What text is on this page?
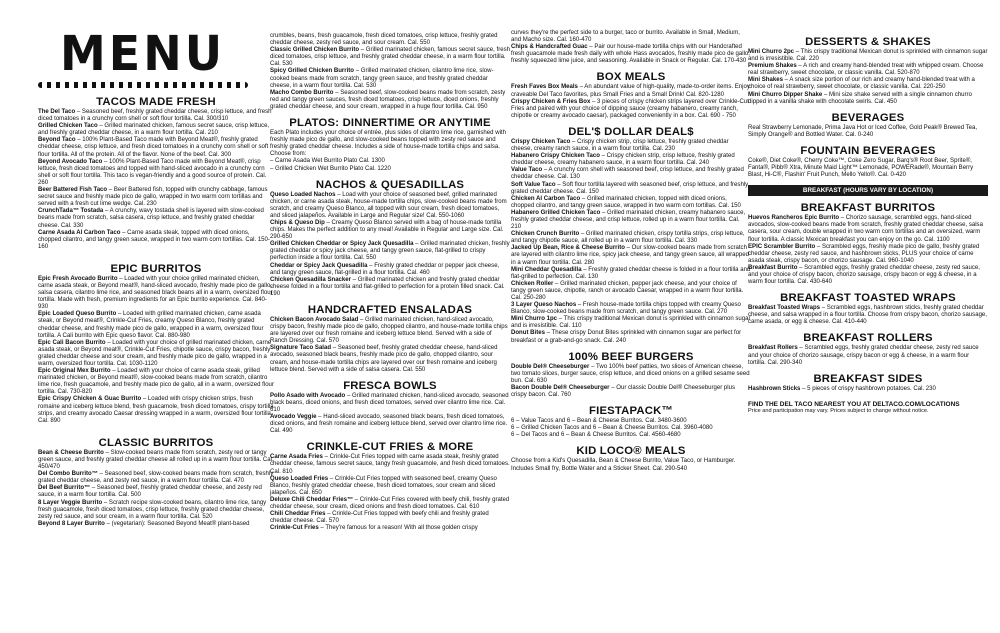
MENU
TACOS MADE FRESH

The Del Taco – Seasoned beef, freshly grated cheddar cheese, crisp lettuce, and fresh diced tomatoes in a crunchy corn shell or soft flour tortilla. Cal. 300/310

Grilled Chicken Taco – Grilled marinated chicken, famous secret sauce, crisp lettuce, and freshly grated cheddar cheese, in a warm flour tortilla. Cal. 210

Beyond Taco – 100% Plant-Based Taco made with Beyond Meat®, freshly grated cheddar cheese, crisp lettuce, and fresh diced tomatoes in a crunchy corn shell or soft flour tortilla. All of the protein. All of the flavor. None of the beef. Cal. 300

Beyond Avocado Taco – 100% Plant-Based Taco made with Beyond Meat®, crisp lettuce, fresh diced tomatoes and topped with hand-sliced avocado in a crunchy corn shell or soft flour tortilla. This taco is vegan-friendly and a good source of protein. Cal. 260

Beer Battered Fish Taco – Beer Battered fish, topped with crunchy cabbage, famous secret sauce and freshly made pico de gallo, wrapped in two warm corn tortillas and served with a fresh cut lime wedge. Cal. 230

CrunchTada™ Tostada – A crunchy, wavy tostada shell is layered with slow-cooked beans made from scratch, salsa casera, crisp lettuce, and freshly grated cheddar cheese. Cal. 330

Carne Asada Al Carbon Taco – Carne asada steak, topped with diced onions, chopped cilantro, and tangy green sauce, wrapped in two warm corn tortillas. Cal. 150-160

EPIC BURRITOS

Epic Fresh Avocado Burrito – Loaded with your choice grilled marinated chicken, carne asada steak, or Beyond meat®, hand-sliced avocado, freshly made pico de gallo, salsa casera, cilantro lime rice, and seasoned black beans all in a warm, oversized flour tortilla. Made with fresh, premium ingredients for an Epic burrito experience. Cal. 840-930

Epic Loaded Queso Burrito – Loaded with grilled marinated chicken, carne asada steak, or Beyond meat®, Crinkle-Cut Fries, creamy Queso Blanco, freshly grated cheddar cheese, and freshly made pico de gallo, wrapped in a warm, oversized flour tortilla. A Cali burrito with Epic queso flavor. Cal. 880-980

Epic Cali Bacon Burrito – Loaded with your choice of grilled marinated chicken, carne asada steak, or Beyond meat®, Crinkle-Cut Fries, chipotle sauce, crispy bacon, freshly grated cheddar cheese and sour cream, and freshly made pico de gallo, wrapped in a warm, oversized flour tortilla. Cal. 1030-1120

Epic Original Mex Burrito – Loaded with your choice of carne asada steak, grilled marinated chicken, or Beyond meat®, slow-cooked beans made from scratch, cilantro lime rice, fresh guacamole, and freshly made pico de gallo, all in a warm, oversized flour tortilla. Cal. 730-820

Epic Crispy Chicken & Guac Burrito – Loaded with crispy chicken strips, fresh romaine and iceberg lettuce blend, fresh guacamole, fresh diced tomatoes, crispy tortilla strips, and creamy avocado Caesar dressing wrapped in a warm, oversized flour tortilla. Cal. 890

CLASSIC BURRITOS

Bean & Cheese Burrito – Slow-cooked beans made from scratch, zesty red or tangy green sauce, and freshly grated cheddar cheese all rolled up in a warm flour tortilla. Cal. 450/470

Del Combo Burrito™ – Seasoned beef, slow-cooked beans made from scratch, freshly grated cheddar cheese, and zesty red sauce, in a warm flour tortilla. Cal. 470

Del Beef Burrito™ – Seasoned beef, freshly grated cheddar cheese, and zesty red sauce, in a warm flour tortilla. Cal. 500

8 Layer Veggie Burrito – Scratch recipe slow-cooked beans, cilantro lime rice, tangy fresh guacamole, fresh diced tomatoes, crisp lettuce, freshly grated cheddar cheese, zesty red sauce, and sour cream, in a warm flour tortilla. Cal. 520

Beyond 8 Layer Burrito – (vegetarian): Seasoned Beyond Meat® plant-based

crumbles, beans, fresh guacamole, fresh diced tomatoes, crisp lettuce, freshly grated cheddar cheese, zesty red sauce, and sour cream. Cal. 550

Classic Grilled Chicken Burrito – Grilled marinated chicken, famous secret sauce, fresh diced tomatoes, crisp lettuce, and freshly grated cheddar cheese, in a warm flour tortilla. Cal. 530

Spicy Grilled Chicken Burrito – Grilled marinated chicken, cilantro lime rice, slow-cooked beans made from scratch, tangy green sauce, and freshly grated cheddar cheese, in a warm flour tortilla. Cal. 530

Macho Combo Burrito – Seasoned beef, slow-cooked beans made from scratch, zesty red and tangy green sauces, fresh diced tomatoes, crisp lettuce, diced onions, freshly grated cheddar cheese, and sour cream, wrapped in a huge flour tortilla. Cal. 950

PLATOS: DINNERTIME OR ANYTIME

Each Plato includes your choice of entrée, plus sides of cilantro lime rice, garnished with freshly made pico de gallo, and slow-cooked beans topped with zesty red sauce and freshly grated cheddar cheese. Includes a side of house-made tortilla chips and salsa. Choose from:

– Carne Asada Wet Burrito Plato Cal. 1300

– Grilled Chicken Wet Burrito Plato Cal. 1220

NACHOS & QUESADILLAS

Queso Loaded Nachos – Load with your choice of seasoned beef, grilled marinated chicken, or carne asada steak, house-made tortilla chips, slow-cooked beans made from scratch, and creamy Queso Blanco, all topped with sour cream, fresh diced tomatoes, and sliced jalapeños. Available in Large and Regular size! Cal. 550-1060

Chips & Queso Dip – Creamy Queso Blanco served with a bag of house-made tortilla chips. Makes the perfect addition to any meal! Available in Regular and Large size. Cal. 290-650

Grilled Chicken Cheddar or Spicy Jack Quesadilla – Grilled marinated chicken, freshly grated cheddar or spicy jack cheese, and tangy green sauce, flat-grilled to crispy perfection inside a flour tortilla. Cal. 550

Cheddar or Spicy Jack Quesadilla – Freshly grated cheddar or pepper jack cheese, and tangy green sauce, flat-grilled in a flour tortilla. Cal. 460

Chicken Quesadilla Snacker – Grilled marinated chicken and freshly grated cheddar cheese folded in a flour tortilla and flat-grilled to perfection for a protein filled snack. Cal. 190

HANDCRAFTED ENSALADAS

Chicken Bacon Avocado Salad – Grilled marinated chicken, hand-sliced avocado, crispy bacon, freshly made pico de gallo, chopped cilantro, and house-made tortilla chips are layered over our fresh romaine and iceberg lettuce blend. Served with a side of Ranch Dressing. Cal. 570

Signature Taco Salad – Seasoned beef, freshly grated cheddar cheese, hand-sliced avocado, seasoned black beans, freshly made pico de gallo, chopped cilantro, sour cream, and house-made tortilla chips are layered over our fresh romaine and iceberg lettuce blend. Served with a side of salsa casera. Cal. 550

FRESCA BOWLS

Pollo Asado with Avocado – Grilled marinated chicken, hand-sliced avocado, seasoned black beans, diced onions, and fresh diced tomatoes, served over cilantro lime rice. Cal. 610

Avocado Veggie – Hand-sliced avocado, seasoned black beans, fresh diced tomatoes, diced onions, and fresh romaine and iceberg lettuce blend, served over cilantro lime rice. Cal. 490

CRINKLE-CUT FRIES & MORE

Carne Asada Fries – Crinkle-Cut Fries topped with carne asada steak, freshly grated cheddar cheese, famous secret sauce, tangy fresh guacamole, and fresh diced tomatoes. Cal. 810

Queso Loaded Fries – Crinkle-Cut Fries topped with seasoned beef, creamy Queso Blanco, freshly grated cheddar cheese, fresh diced tomatoes, sour cream and sliced jalapeños. Cal. 650

Deluxe Chili Cheddar Fries™ – Crinkle-Cut Fries covered with beefy chili, freshly grated cheddar cheese, sour cream, diced onions and fresh diced tomatoes. Cal. 610

Chili Cheddar Fries – Crinkle-Cut Fries topped with beefy chili and freshly grated cheddar cheese. Cal. 570

Crinkle-Cut Fries – They're famous for a reason! With all those golden crispy

curves they're the perfect side to a burger, taco or burrito. Available in Small, Medium, and Macho size. Cal. 160-470

Chips & Handcrafted Guac – Pair our house-made tortilla chips with our Handcrafted fresh guacamole made fresh daily with whole Hass avocados, freshly made pico de gallo, freshly squeezed lime juice, and seasoning. Available in Snack or Regular. Cal. 170-430

BOX MEALS

Fresh Faves Box Meals – An abundant value of high-quality, made-to-order items. Enjoy craveable Del Taco favorites, plus Small Fries and a Small Drink! Cal. 820-1280

Crispy Chicken & Fries Box – 3 pieces of crispy chicken strips layered over Crinkle-Cut Fries and paired with your choice of dipping sauce (creamy habanero, creamy ranch, chipotle or creamy avocado caesar), packaged conveniently in a box. Cal. 690 - 750

DEL'$ DOLLAR DEAL$

Crispy Chicken Taco – Crispy chicken strip, crisp lettuce, freshly grated cheddar cheese, creamy ranch sauce, in a warm flour tortilla. Cal. 230

Habanero Crispy Chicken Taco – Crispy chicken strip, crisp lettuce, freshly grated cheddar cheese, creamy habanero sauce, in a warm flour tortilla. Cal. 240

Value Taco – A crunchy corn shell with seasoned beef, crisp lettuce, and freshly grated cheddar cheese. Cal. 130

Soft Value Taco – Soft flour tortilla layered with seasoned beef, crisp lettuce, and freshly grated cheddar cheese. Cal. 150

Chicken Al Carbon Taco – Grilled marinated chicken, topped with diced onions, chopped cilantro, and tangy green sauce, wrapped in two warm corn tortillas. Cal. 150

Habanero Grilled Chicken Taco – Grilled marinated chicken, creamy habanero sauce, freshly grated cheddar cheese, and crisp lettuce, rolled up in a warm flour tortilla. Cal. 210

Chicken Crunch Burrito – Grilled marinated chicken, crispy tortilla strips, crisp lettuce, and tangy chipotle sauce, all rolled up in a warm flour tortilla. Cal. 330

Jacked Up Bean, Rice & Cheese Burrito – Our slow-cooked beans made from scratch are layered with cilantro lime rice, spicy jack cheese, and tangy green sauce, all wrapped in a warm flour tortilla. Cal. 280

Mini Cheddar Quesadilla – Freshly grated cheddar cheese is folded in a flour tortilla and flat-grilled to perfection. Cal. 130

Chicken Roller – Grilled marinated chicken, pepper jack cheese, and your choice of tangy green sauce, chipotle, ranch or avocado Caesar, wrapped in a warm flour tortilla. Cal. 250-280

3 Layer Queso Nachos – Fresh house-made tortilla chips topped with creamy Queso Blanco, slow-cooked beans made from scratch, and tangy green sauce. Cal. 270

Mini Churro 1pc – This crispy traditional Mexican donut is sprinkled with cinnamon sugar and is irresistible. Cal. 110

Donut Bites – These crispy Donut Bites sprinkled with cinnamon sugar are perfect for breakfast or a grab-and-go snack. Cal. 240

100% BEEF BURGERS

Double Del® Cheeseburger – Two 100% beef patties, two slices of American cheese, two tomato slices, burger sauce, crisp lettuce, and diced onions on a grilled sesame seed bun. Cal. 630

Bacon Double Del® Cheeseburger – Our classic Double Del® Cheeseburger plus crispy bacon. Cal. 760

FIESTAPACK™

6 – Value Tacos and 6 – Bean & Cheese Burritos. Cal. 3480-3600

6 – Grilled Chicken Tacos and 6 – Bean & Cheese Burritos. Cal. 3960-4080

6 – Del Tacos and 6 – Bean & Cheese Burritos. Cal. 4560-4680

KID LOCO® MEALS

Choose from a Kid's Quesadilla, Bean & Cheese Burrito, Value Taco, or Hamburger. Includes Small fry, Bottle Water and a Sticker Sheet. Cal. 290-540

DESSERTS & SHAKES

Mini Churro 2pc – This crispy traditional Mexican donut is sprinkled with cinnamon sugar and is irresistible. Cal. 220

Premium Shakes – A rich and creamy hand-blended treat with whipped cream. Choose real strawberry, sweet chocolate, or classic vanilla. Cal. 520-870

Mini Shakes – A snack size portion of our rich and creamy hand-blended treat with a choice of real strawberry, sweet chocolate, or classic vanilla. Cal. 220-250

Mini Churro Dipper Shake – Mini size shake served with a single cinnamon churro dipped in a vanilla shake with chocolate swirls. Cal. 450

BEVERAGES

Real Strawberry Lemonade, Prima Java Hot or Iced Coffee, Gold Peak® Brewed Tea, Simply Orange® and Bottled Water. Cal. 0-240

FOUNTAIN BEVERAGES

Coke®, Diet Coke®, Cherry Coke™, Coke Zero Sugar, Barq's® Root Beer, Sprite®, Fanta®, Pibb® Xtra, Minute Maid Light™ Lemonade, POWERade®, Mountain Berry Blast, Hi-C®, Flashin' Fruit Punch, Mello Yello®. Cal. 0-420

BREAKFAST (HOURS VARY BY LOCATION)
BREAKFAST BURRITOS

Huevos Rancheros Epic Burrito – Chorizo sausage, scrambled eggs, hand-sliced avocados, slow-cooked beans made from scratch, freshly grated cheddar cheese, salsa casera, sour cream, double wrapped in two warm corn tortillas and an oversized, warm flour tortilla. A classic Mexican breakfast you can enjoy on the go. Cal. 1100

EPIC Scrambler Burrito – Scrambled eggs, freshly made pico de gallo, freshly grated cheddar cheese, zesty red sauce, and hashbrown sticks, PLUS your choice of carne asada steak, crispy bacon, or chorizo sausage. Cal. 960-1040

Breakfast Burrito – Scrambled eggs, freshly grated cheddar cheese, zesty red sauce, and your choice of crispy bacon, chorizo sausage, crispy bacon or egg & cheese, in a warm flour tortilla. Cal. 430-640

BREAKFAST TOASTED WRAPS

Breakfast Toasted Wraps – Scrambled eggs, hashbrown sticks, freshly grated cheddar cheese, and salsa wrapped in a flour tortilla. Choose from crispy bacon, chorizo sausage, carne asada, or egg & cheese. Cal. 410-440

BREAKFAST ROLLERS

Breakfast Rollers – Scrambled eggs, freshly grated cheddar cheese, zesty red sauce and your choice of chorizo sausage, crispy bacon or egg & cheese, in a warm flour tortilla. Cal. 290-340

BREAKFAST SIDES

Hashbrown Sticks – 5 pieces of crispy hashbrown potatoes. Cal. 230

FIND THE DEL TACO NEAREST YOU AT DELTACO.COM/LOCATIONS
Price and participation may vary. Prices subject to change without notice.
